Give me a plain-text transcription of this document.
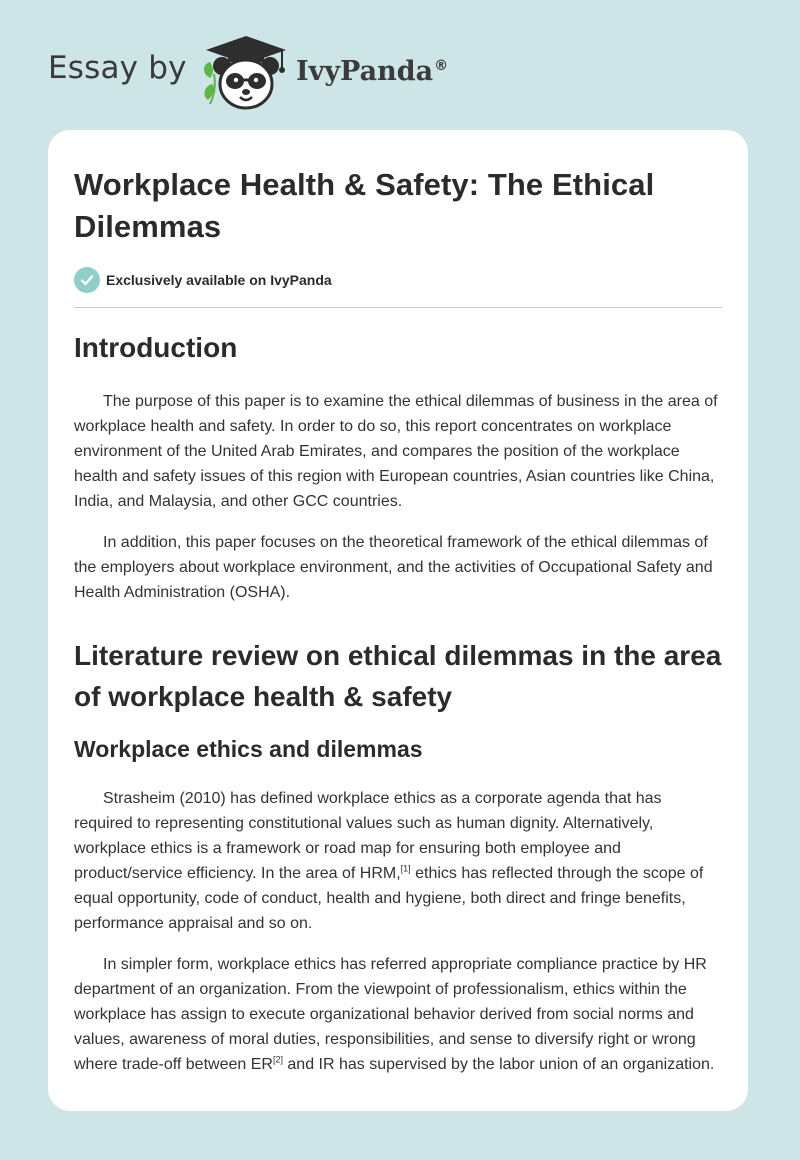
Essay by	IvyPanda®
Workplace Health & Safety: The Ethical Dilemmas
Exclusively available on IvyPanda
Introduction

The purpose of this paper is to examine the ethical dilemmas of business in the area of workplace health and safety. In order to do so, this report concentrates on workplace environment of the United Arab Emirates, and compares the position of the workplace health and safety issues of this region with European countries, Asian countries like China, India, and Malaysia, and other GCC countries.

In addition, this paper focuses on the theoretical framework of the ethical dilemmas of the employers about workplace environment, and the activities of Occupational Safety and Health Administration (OSHA).

Literature review on ethical dilemmas in the area of workplace health & safety
Workplace ethics and dilemmas

Strasheim (2010) has defined workplace ethics as a corporate agenda that has required to representing constitutional values such as human dignity. Alternatively, workplace ethics is a framework or road map for ensuring both employee and product/service efficiency. In the area of HRM,[1] ethics has reflected through the scope of equal opportunity, code of conduct, health and hygiene, both direct and fringe benefits, performance appraisal and so on.

In simpler form, workplace ethics has referred appropriate compliance practice by HR department of an organization. From the viewpoint of professionalism, ethics within the workplace has assign to execute organizational behavior derived from social norms and values, awareness of moral duties, responsibilities, and sense to diversify right or wrong where trade-off between ER[2] and IR has supervised by the labor union of an organization.
